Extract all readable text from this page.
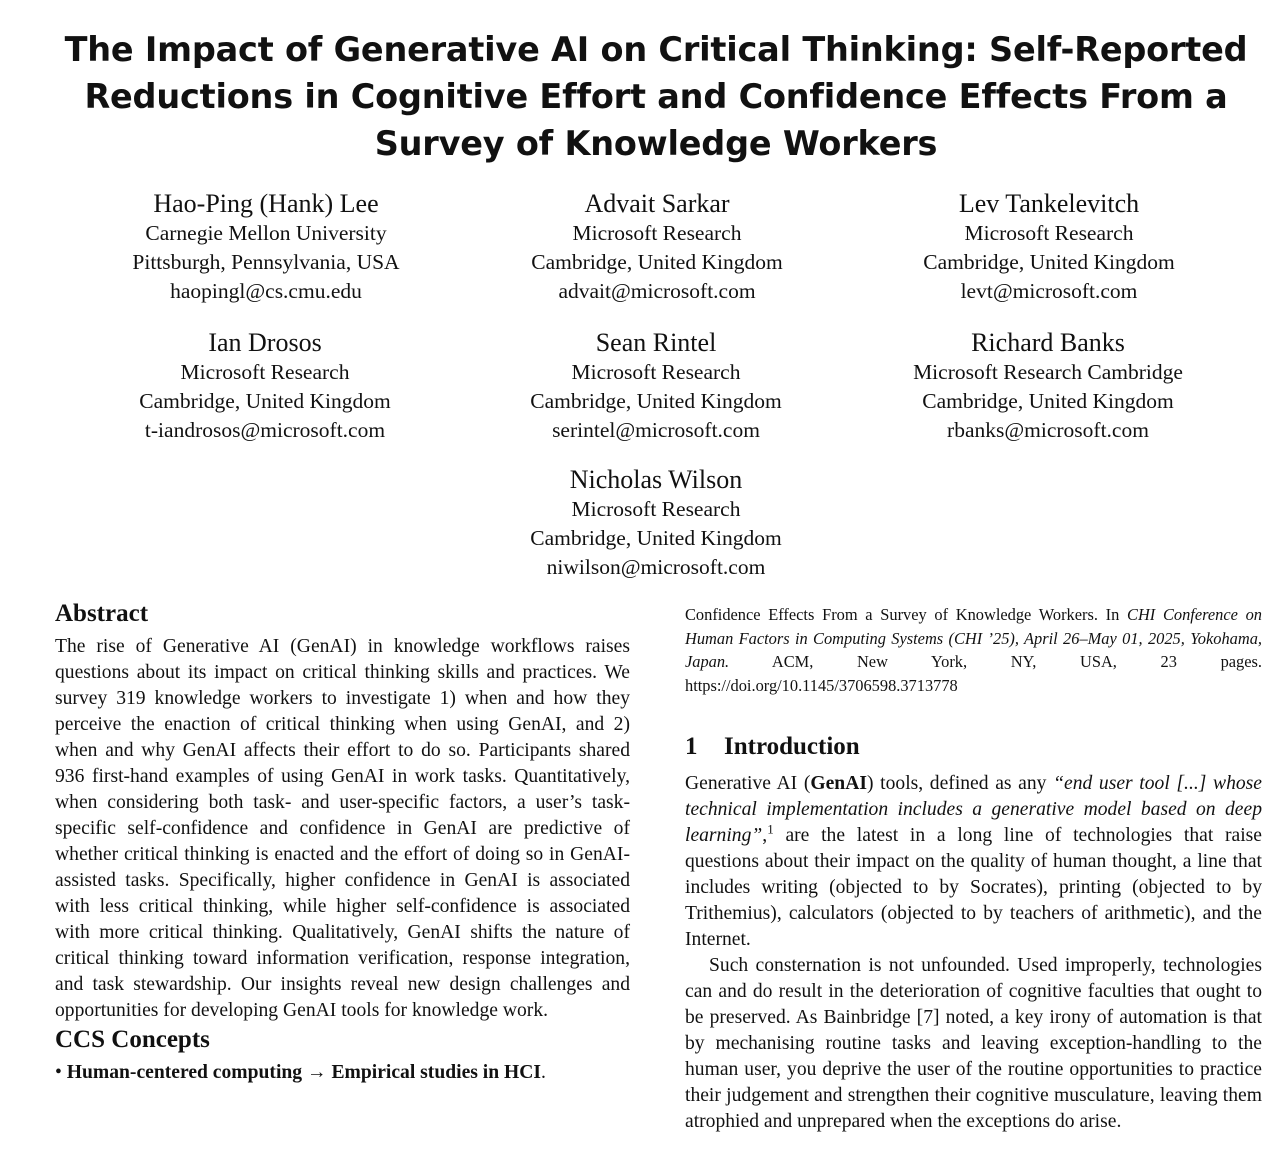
The Impact of Generative AI on Critical Thinking: Self-Reported
Reductions in Cognitive Effort and Confidence Effects From a
Survey of Knowledge Workers
Hao-Ping (Hank) Lee
Carnegie Mellon University
Pittsburgh, Pennsylvania, USA
haopingl@cs.cmu.edu
Advait Sarkar
Microsoft Research
Cambridge, United Kingdom
advait@microsoft.com
Lev Tankelevitch
Microsoft Research
Cambridge, United Kingdom
levt@microsoft.com
Ian Drosos
Microsoft Research
Cambridge, United Kingdom
t-iandrosos@microsoft.com
Sean Rintel
Microsoft Research
Cambridge, United Kingdom
serintel@microsoft.com
Richard Banks
Microsoft Research Cambridge
Cambridge, United Kingdom
rbanks@microsoft.com
Nicholas Wilson
Microsoft Research
Cambridge, United Kingdom
niwilson@microsoft.com
Abstract

The rise of Generative AI (GenAI) in knowledge workflows raises questions about its impact on critical thinking skills and practices. We survey 319 knowledge workers to investigate 1) when and how they perceive the enaction of critical thinking when using GenAI, and 2) when and why GenAI affects their effort to do so. Participants shared 936 first-hand examples of using GenAI in work tasks. Quantitatively, when considering both task- and user-specific factors, a user’s task-specific self-confidence and confidence in GenAI are predictive of whether critical thinking is enacted and the effort of doing so in GenAI-assisted tasks. Specifically, higher confidence in GenAI is associated with less critical thinking, while higher self-confidence is associated with more critical thinking. Qualitatively, GenAI shifts the nature of critical thinking toward information verification, response integration, and task stewardship. Our insights reveal new design challenges and opportunities for developing GenAI tools for knowledge work.

CCS Concepts
• Human-centered computing → Empirical studies in HCI.
Confidence Effects From a Survey of Knowledge Workers. In CHI Conference on Human Factors in Computing Systems (CHI ’25), April 26–May 01, 2025, Yokohama, Japan. ACM, New York, NY, USA, 23 pages. https://doi.org/10.1145/3706598.3713778
1 Introduction

Generative AI (GenAI) tools, defined as any “end user tool [...] whose technical implementation includes a generative model based on deep learning”,$^1$ are the latest in a long line of technologies that raise questions about their impact on the quality of human thought, a line that includes writing (objected to by Socrates), printing (objected to by Trithemius), calculators (objected to by teachers of arithmetic), and the Internet.

Such consternation is not unfounded. Used improperly, technologies can and do result in the deterioration of cognitive faculties that ought to be preserved. As Bainbridge [7] noted, a key irony of automation is that by mechanising routine tasks and leaving exception-handling to the human user, you deprive the user of the routine opportunities to practice their judgement and strengthen their cognitive musculature, leaving them atrophied and unprepared when the exceptions do arise.
